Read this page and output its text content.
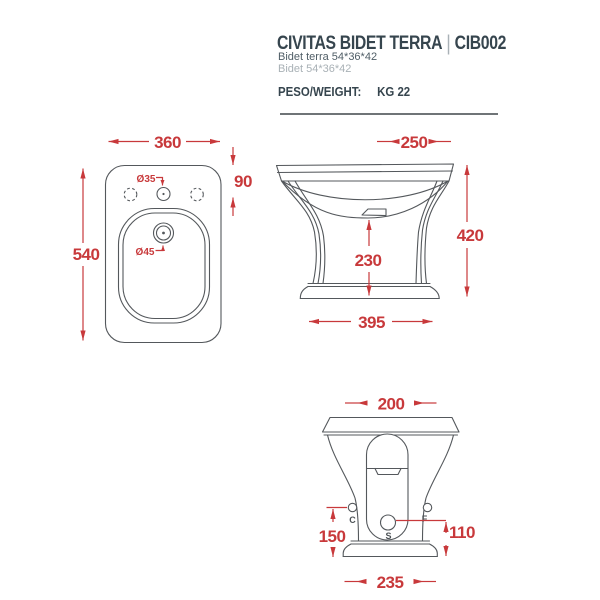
CIVITAS BIDET TERRA | CIB002
Bidet terra 54*36*42
Bidet 54*36*42
PESO/WEIGHT: KG 22
360
540
90
Ø35
Ø45
250
420
230
395
C	F
S
200
150	110
235
